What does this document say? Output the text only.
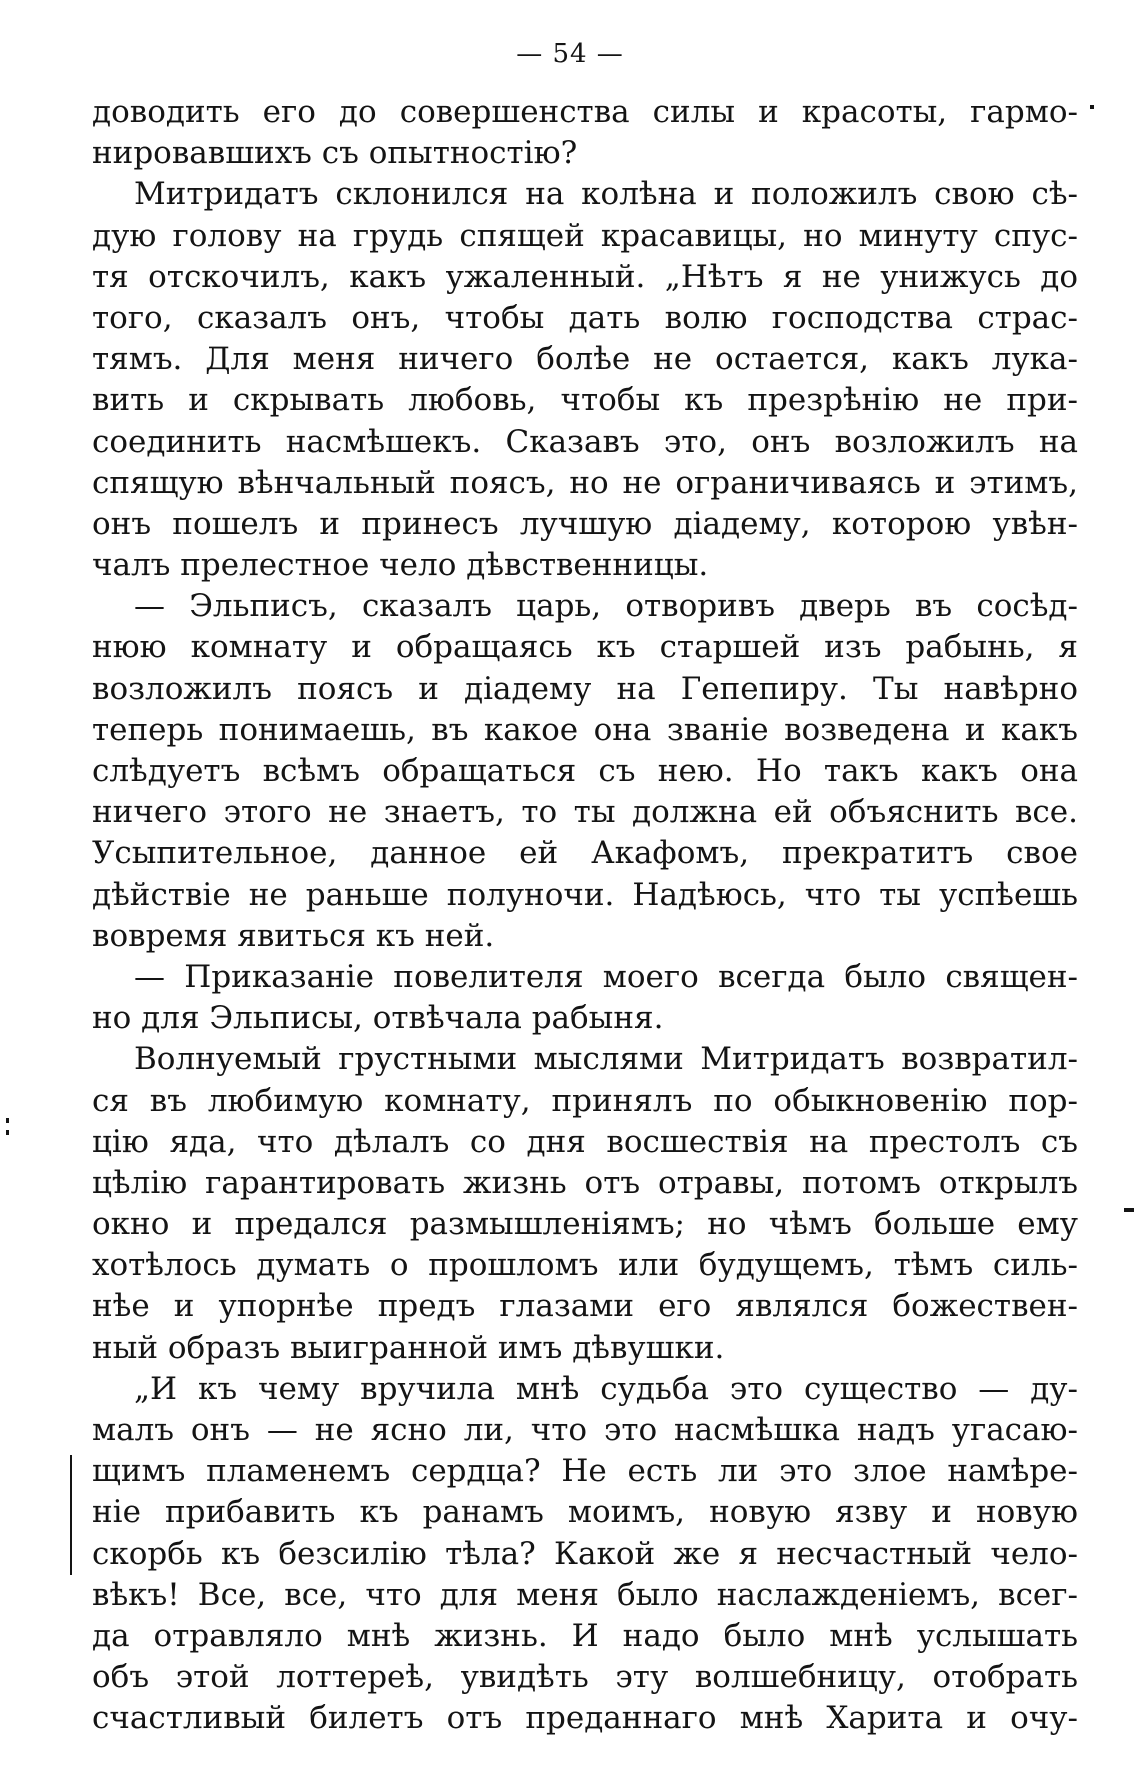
— 54 —
доводить его до совершенства силы и красоты, гармо-
нировавшихъ съ опытностію?
Митридатъ склонился на колѣна и положилъ свою сѣ-
дую голову на грудь спящей красавицы, но минуту спус-
тя отскочилъ, какъ ужаленный. „Нѣтъ я не унижусь до
того, сказалъ онъ, чтобы дать волю господства страс-
тямъ. Для меня ничего болѣе не остается, какъ лука-
вить и скрывать любовь, чтобы къ презрѣнію не при-
соединить насмѣшекъ. Сказавъ это, онъ возложилъ на
спящую вѣнчальный поясъ, но не ограничиваясь и этимъ,
онъ пошелъ и принесъ лучшую діадему, которою увѣн-
чалъ прелестное чело дѣвственницы.
— Эльписъ, сказалъ царь, отворивъ дверь въ сосѣд-
нюю комнату и обращаясь къ старшей изъ рабынь, я
возложилъ поясъ и діадему на Гепепиру. Ты навѣрно
теперь понимаешь, въ какое она званіе возведена и какъ
слѣдуетъ всѣмъ обращаться съ нею. Но такъ какъ она
ничего этого не знаетъ, то ты должна ей объяснить все.
Усыпительное, данное ей Акафомъ, прекратитъ свое
дѣйствіе не раньше полуночи. Надѣюсь, что ты успѣешь
вовремя явиться къ ней.
— Приказаніе повелителя моего всегда было священ-
но для Эльписы, отвѣчала рабыня.
Волнуемый грустными мыслями Митридатъ возвратил-
ся въ любимую комнату, принялъ по обыкновенію пор-
цію яда, что дѣлалъ со дня восшествія на престолъ съ
цѣлію гарантировать жизнь отъ отравы, потомъ открылъ
окно и предался размышленіямъ; но чѣмъ больше ему
хотѣлось думать о прошломъ или будущемъ, тѣмъ силь-
нѣе и упорнѣе предъ глазами его являлся божествен-
ный образъ выигранной имъ дѣвушки.
„И къ чему вручила мнѣ судьба это существо — ду-
малъ онъ — не ясно ли, что это насмѣшка надъ угасаю-
щимъ пламенемъ сердца? Не есть ли это злое намѣре-
ніе прибавить къ ранамъ моимъ, новую язву и новую
скорбь къ безсилію тѣла? Какой же я несчастный чело-
вѣкъ! Все, все, что для меня было наслажденіемъ, всег-
да отравляло мнѣ жизнь. И надо было мнѣ услышать
объ этой лоттереѣ, увидѣть эту волшебницу, отобрать
счастливый билетъ отъ преданнаго мнѣ Харита и очу-
